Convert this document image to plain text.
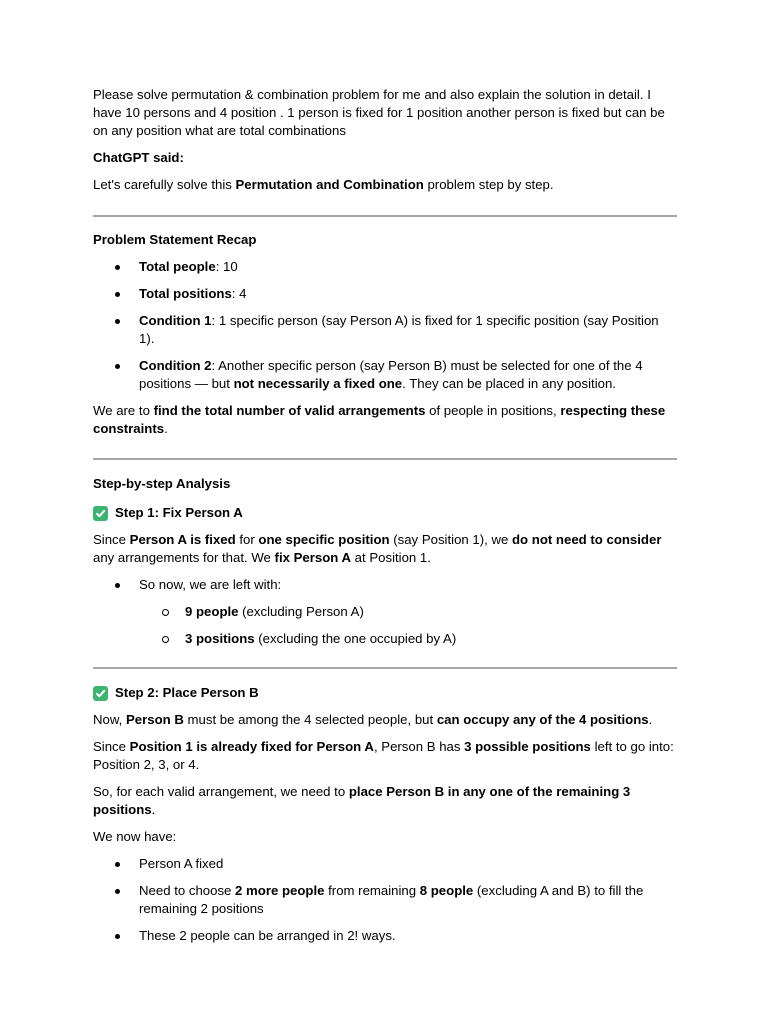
Please solve permutation & combination problem for me and also explain the solution in detail. I have 10 persons and 4 position . 1 person is fixed for 1 position another person is fixed but can be on any position what are total combinations

ChatGPT said:

Let's carefully solve this Permutation and Combination problem step by step.

Problem Statement Recap

Total people: 10
Total positions: 4
Condition 1: 1 specific person (say Person A) is fixed for 1 specific position (say Position 1).
Condition 2: Another specific person (say Person B) must be selected for one of the 4 positions — but not necessarily a fixed one. They can be placed in any position.

We are to find the total number of valid arrangements of people in positions, respecting these constraints.

Step-by-step Analysis

Step 1: Fix Person A

Since Person A is fixed for one specific position (say Position 1), we do not need to consider any arrangements for that. We fix Person A at Position 1.

So now, we are left with:
9 people (excluding Person A)
3 positions (excluding the one occupied by A)
Step 2: Place Person B

Now, Person B must be among the 4 selected people, but can occupy any of the 4 positions.

Since Position 1 is already fixed for Person A, Person B has 3 possible positions left to go into: Position 2, 3, or 4.

So, for each valid arrangement, we need to place Person B in any one of the remaining 3 positions.

We now have:

Person A fixed
Need to choose 2 more people from remaining 8 people (excluding A and B) to fill the remaining 2 positions
These 2 people can be arranged in 2! ways.
